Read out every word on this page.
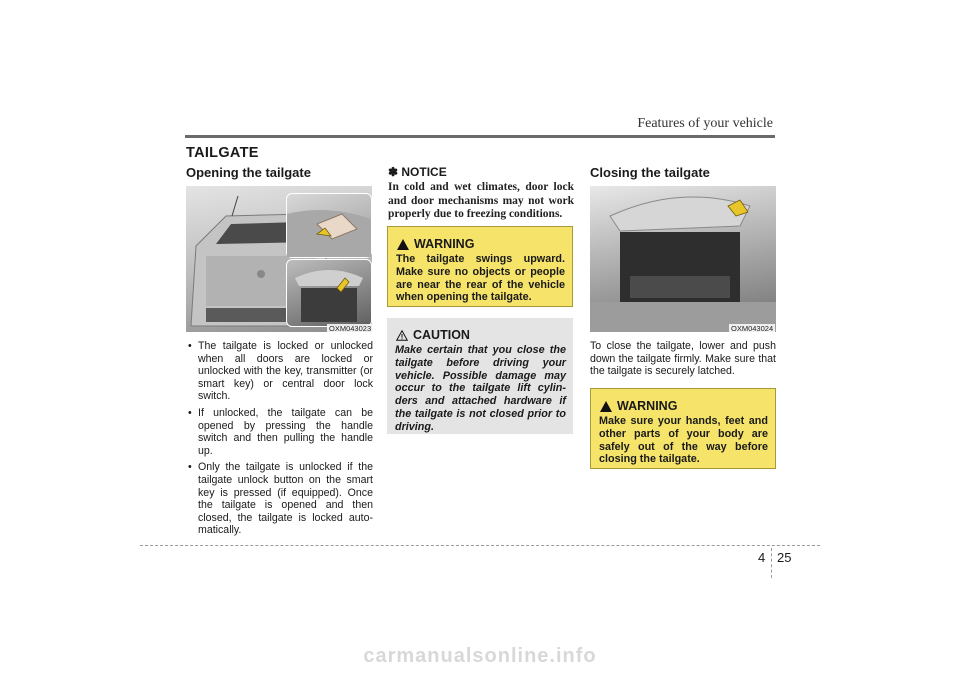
Features of your vehicle
TAILGATE
Opening the tailgate
OXM043023
• The tailgate is locked or unlocked when all doors are locked or unlocked with the key, transmitter (or smart key) or central door lock switch.
• If unlocked, the tailgate can be opened by pressing the handle switch and then pulling the handle up.
• Only the tailgate is unlocked if the tailgate unlock button on the smart key is pressed (if equipped). Once the tailgate is opened and then closed, the tailgate is locked auto-matically.
✽ NOTICE
In cold and wet climates, door lock and door mechanisms may not work properly due to freezing conditions.
WARNING
The tailgate swings upward. Make sure no objects or people are near the rear of the vehicle when opening the tailgate.
CAUTION
Make certain that you close the tailgate before driving your vehicle. Possible damage may occur to the tailgate lift cylin-ders and attached hardware if the tailgate is not closed prior to driving.
Closing the tailgate
OXM043024
To close the tailgate, lower and push down the tailgate firmly. Make sure that the tailgate is securely latched.
WARNING
Make sure your hands, feet and other parts of your body are safely out of the way before closing the tailgate.
4 25
carmanualsonline.info
